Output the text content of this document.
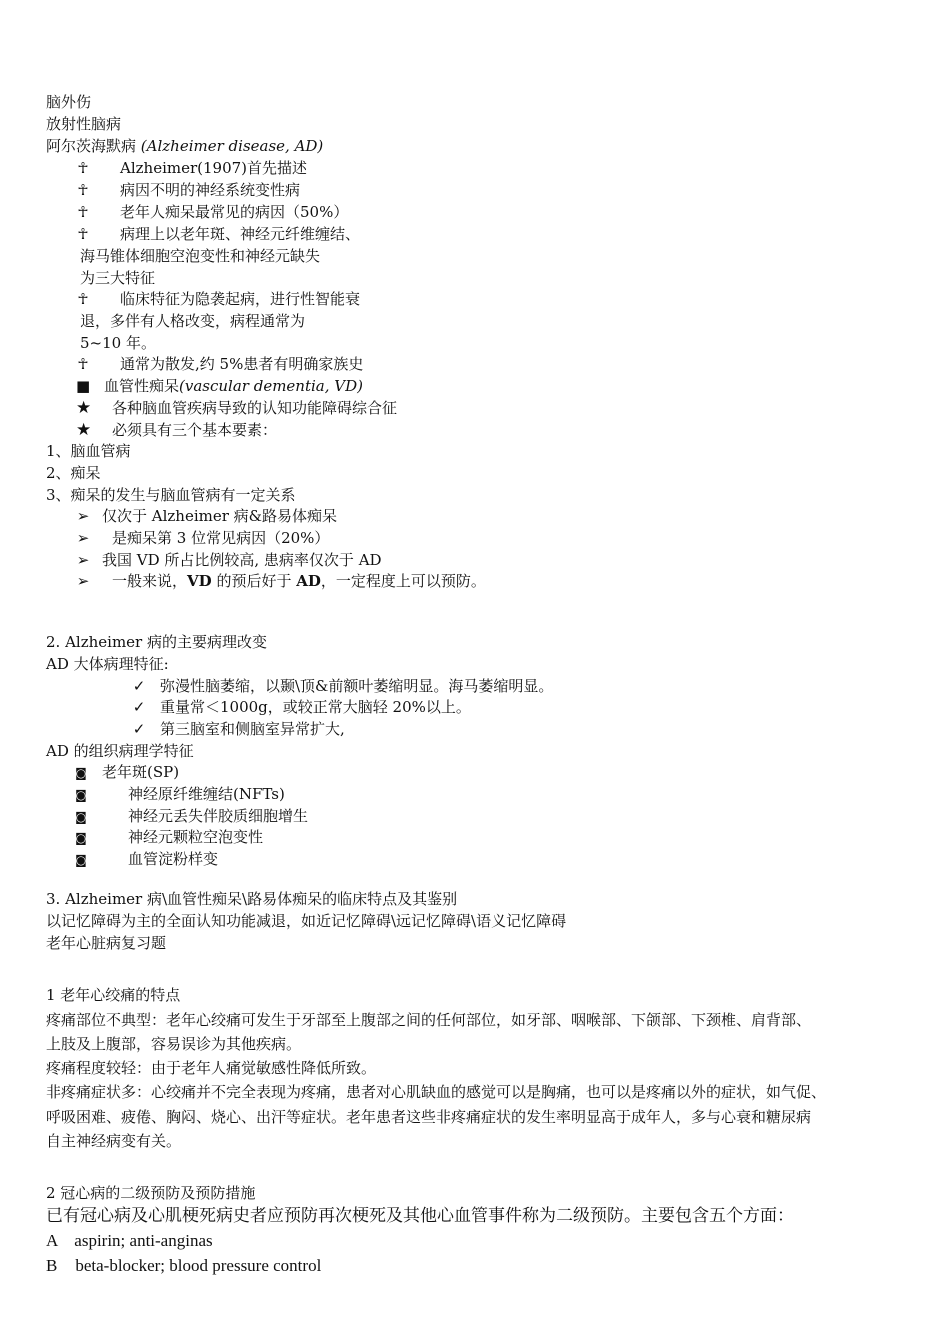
脑外伤
放射性脑病
阿尔茨海默病 (Alzheimer disease, AD)
☥ Alzheimer(1907)首先描述
☥ 病因不明的神经系统变性病
☥ 老年人痴呆最常见的病因（50%）
☥ 病理上以老年斑、神经元纤维缠结、
海马锥体细胞空泡变性和神经元缺失
为三大特征
☥ 临床特征为隐袭起病，进行性智能衰
退，多伴有人格改变，病程通常为
5~10 年。
☥ 通常为散发,约 5%患者有明确家族史
■ 血管性痴呆(vascular dementia, VD)
★ 各种脑血管疾病导致的认知功能障碍综合征
★ 必须具有三个基本要素：
1、脑血管病
2、痴呆
3、痴呆的发生与脑血管病有一定关系
➢ 仅次于 Alzheimer 病&路易体痴呆
➢ 是痴呆第 3 位常见病因（20%）
➢ 我国 VD 所占比例较高, 患病率仅次于 AD
➢ 一般来说，VD 的预后好于 AD，一定程度上可以预防。
2. Alzheimer 病的主要病理改变
AD 大体病理特征:
✓ 弥漫性脑萎缩，以颞\顶&前额叶萎缩明显。海马萎缩明显。
✓ 重量常＜1000g，或较正常大脑轻 20%以上。
✓ 第三脑室和侧脑室异常扩大,
AD 的组织病理学特征
◙ 老年斑(SP)
◙	神经原纤维缠结(NFTs)
◙	神经元丢失伴胶质细胞增生
◙	神经元颗粒空泡变性
◙	血管淀粉样变
3. Alzheimer 病\血管性痴呆\路易体痴呆的临床特点及其鉴别
以记忆障碍为主的全面认知功能减退，如近记忆障碍\远记忆障碍\语义记忆障碍
老年心脏病复习题
1 老年心绞痛的特点
疼痛部位不典型：老年心绞痛可发生于牙部至上腹部之间的任何部位，如牙部、咽喉部、下颌部、下颈椎、肩背部、
上肢及上腹部，容易误诊为其他疾病。
疼痛程度较轻：由于老年人痛觉敏感性降低所致。
非疼痛症状多：心绞痛并不完全表现为疼痛，患者对心肌缺血的感觉可以是胸痛，也可以是疼痛以外的症状，如气促、
呼吸困难、疲倦、胸闷、烧心、出汗等症状。老年患者这些非疼痛症状的发生率明显高于成年人，多与心衰和糖尿病
自主神经病变有关。
2 冠心病的二级预防及预防措施
已有冠心病及心肌梗死病史者应预防再次梗死及其他心血管事件称为二级预防。主要包含五个方面：
A aspirin; anti-anginas
B beta-blocker; blood pressure control
